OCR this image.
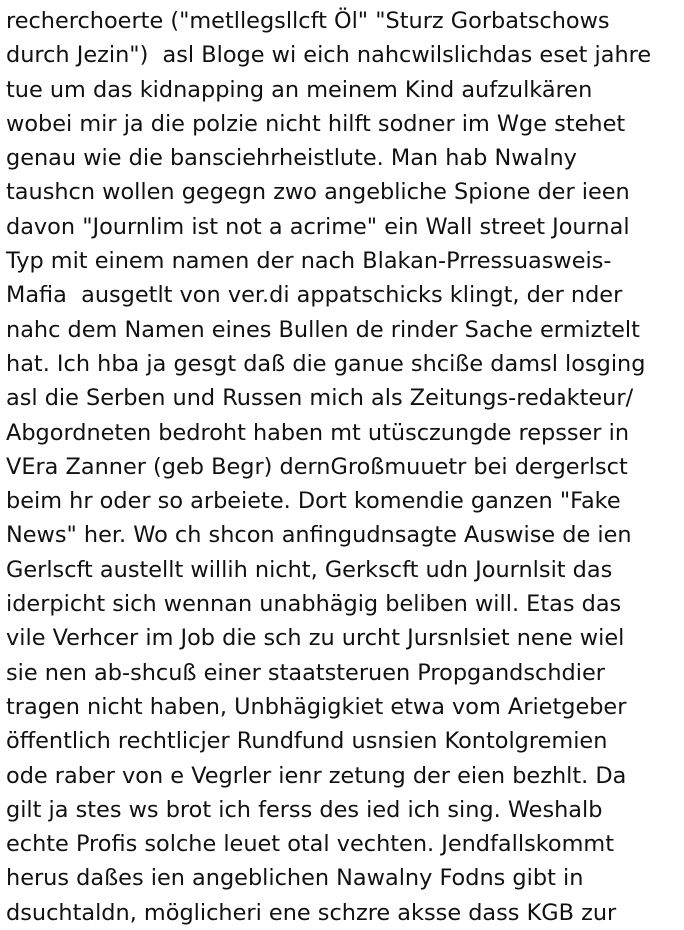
recherchoerte ("metllegsllcft Öl" "Sturz Gorbatschows
durch Jezin")  asl Bloge wi eich nahcwilslichdas eset jahre
tue um das kidnapping an meinem Kind aufzulkären
wobei mir ja die polzie nicht hilft sodner im Wge stehet
genau wie die bansciehrheistlute. Man hab Nwalny
taushcn wollen gegegn zwo angebliche Spione der ieen
davon "Journlim ist not a acrime" ein Wall street Journal
Typ mit einem namen der nach Blakan-Prressuasweis-
Mafia  ausgetlt von ver.di appatschicks klingt, der nder
nahc dem Namen eines Bullen de rinder Sache ermiztelt
hat. Ich hba ja gesgt daß die ganue shcißе damsl losging
asl die Serben und Russen mich als Zeitungs-redakteur/
Abgordneten bedroht haben mt utüsczungde repsser in
VEra Zanner (geb Begr) dernGroßmuuetr bei dergerlsct
beim hr oder so arbeiete. Dort komendie ganzen "Fake
News" her. Wo ch shcon anfingudnsagte Auswise de ien
Gerlscft austellt willih nicht, Gerkscft udn Journlsit das
iderpicht sich wennan unabhägig beliben will. Etas das
vile Verhcer im Job die sch zu urcht Jursnlsiet nene wiel
sie nen ab-shcuß einer staatsteruen Propgandschdier
tragen nicht haben, Unbhägigkiet etwa vom Arietgeber
öffentlich rechtlicjer Rundfund usnsien Kontolgremien
ode raber von e Vegrler ienr zetung der eien bezhlt. Da
gilt ja stes ws brot ich ferss des ied ich sing. Weshalb
echte Profis solche leuet otal vechten. Jendfallskommt
herus daßes ien angeblichen Nawalny Fodns gibt in
dsuchtaldn, möglicheri ene schzre aksse dass KGB zur
